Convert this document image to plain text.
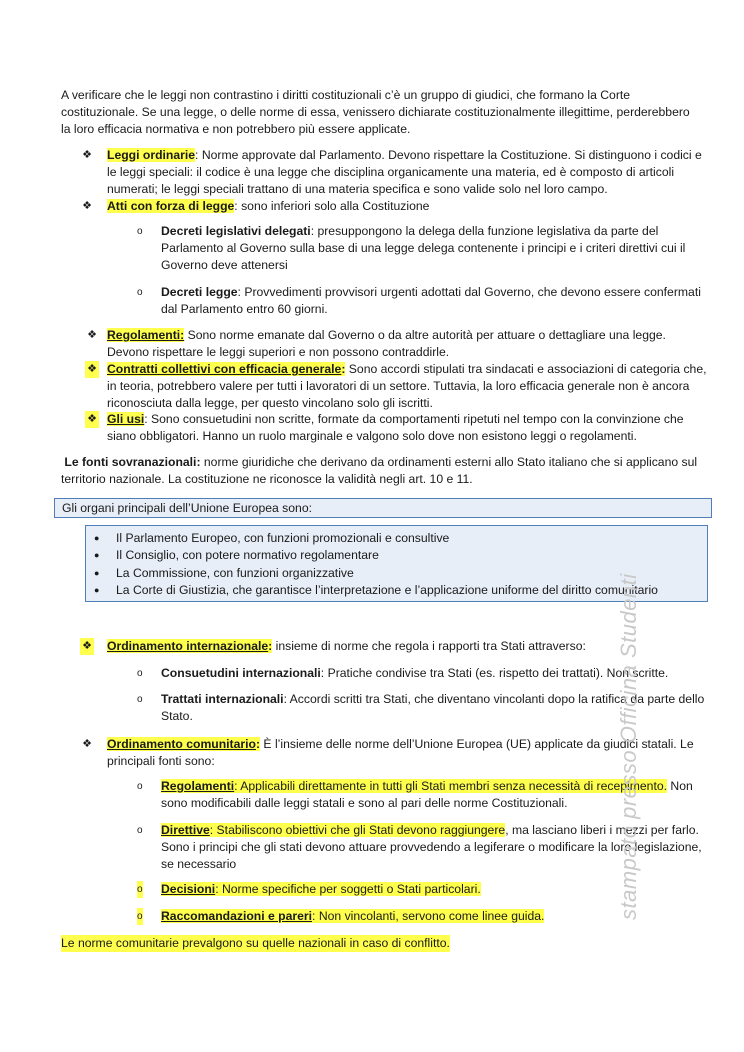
A verificare che le leggi non contrastino i diritti costituzionali c’è un gruppo di giudici, che formano la Corte costituzionale. Se una legge, o delle norme di essa, venissero dichiarate costituzionalmente illegittime, perderebbero la loro efficacia normativa e non potrebbero più essere applicate.

❖ Leggi ordinarie: Norme approvate dal Parlamento. Devono rispettare la Costituzione. Si distinguono i codici e le leggi speciali: il codice è una legge che disciplina organicamente una materia, ed è composto di articoli numerati; le leggi speciali trattano di una materia specifica e sono valide solo nel loro campo.
❖ Atti con forza di legge: sono inferiori solo alla Costituzione
o Decreti legislativi delegati: presuppongono la delega della funzione legislativa da parte del Parlamento al Governo sulla base di una legge delega contenente i principi e i criteri direttivi cui il Governo deve attenersi
o Decreti legge: Provvedimenti provvisori urgenti adottati dal Governo, che devono essere confermati dal Parlamento entro 60 giorni.
❖ Regolamenti: Sono norme emanate dal Governo o da altre autorità per attuare o dettagliare una legge. Devono rispettare le leggi superiori e non possono contraddirle.
❖ Contratti collettivi con efficacia generale: Sono accordi stipulati tra sindacati e associazioni di categoria che, in teoria, potrebbero valere per tutti i lavoratori di un settore. Tuttavia, la loro efficacia generale non è ancora riconosciuta dalla legge, per questo vincolano solo gli iscritti.
❖ Gli usi: Sono consuetudini non scritte, formate da comportamenti ripetuti nel tempo con la convinzione che siano obbligatori. Hanno un ruolo marginale e valgono solo dove non esistono leggi o regolamenti.

Le fonti sovranazionali: norme giuridiche che derivano da ordinamenti esterni allo Stato italiano che si applicano sul territorio nazionale. La costituzione ne riconosce la validità negli art. 10 e 11.

Gli organi principali dell’Unione Europea sono:
● Il Parlamento Europeo, con funzioni promozionali e consultive
● Il Consiglio, con potere normativo regolamentare
● La Commissione, con funzioni organizzative
● La Corte di Giustizia, che garantisce l’interpretazione e l’applicazione uniforme del diritto comunitario
❖ Ordinamento internazionale: insieme di norme che regola i rapporti tra Stati attraverso:
o Consuetudini internazionali: Pratiche condivise tra Stati (es. rispetto dei trattati). Non scritte.
o Trattati internazionali: Accordi scritti tra Stati, che diventano vincolanti dopo la ratifica da parte dello Stato.
❖ Ordinamento comunitario: È l’insieme delle norme dell’Unione Europea (UE) applicate da giudici statali. Le principali fonti sono:
o Regolamenti: Applicabili direttamente in tutti gli Stati membri senza necessità di recepimento. Non sono modificabili dalle leggi statali e sono al pari delle norme Costituzionali.
o Direttive: Stabiliscono obiettivi che gli Stati devono raggiungere, ma lasciano liberi i mezzi per farlo. Sono i principi che gli stati devono attuare provvedendo a legiferare o modificare la loro legislazione, se necessario
o Decisioni: Norme specifiche per soggetti o Stati particolari.
o Raccomandazioni e pareri: Non vincolanti, servono come linee guida.

Le norme comunitarie prevalgono su quelle nazionali in caso di conflitto.

stampato presso Officina Studenti
